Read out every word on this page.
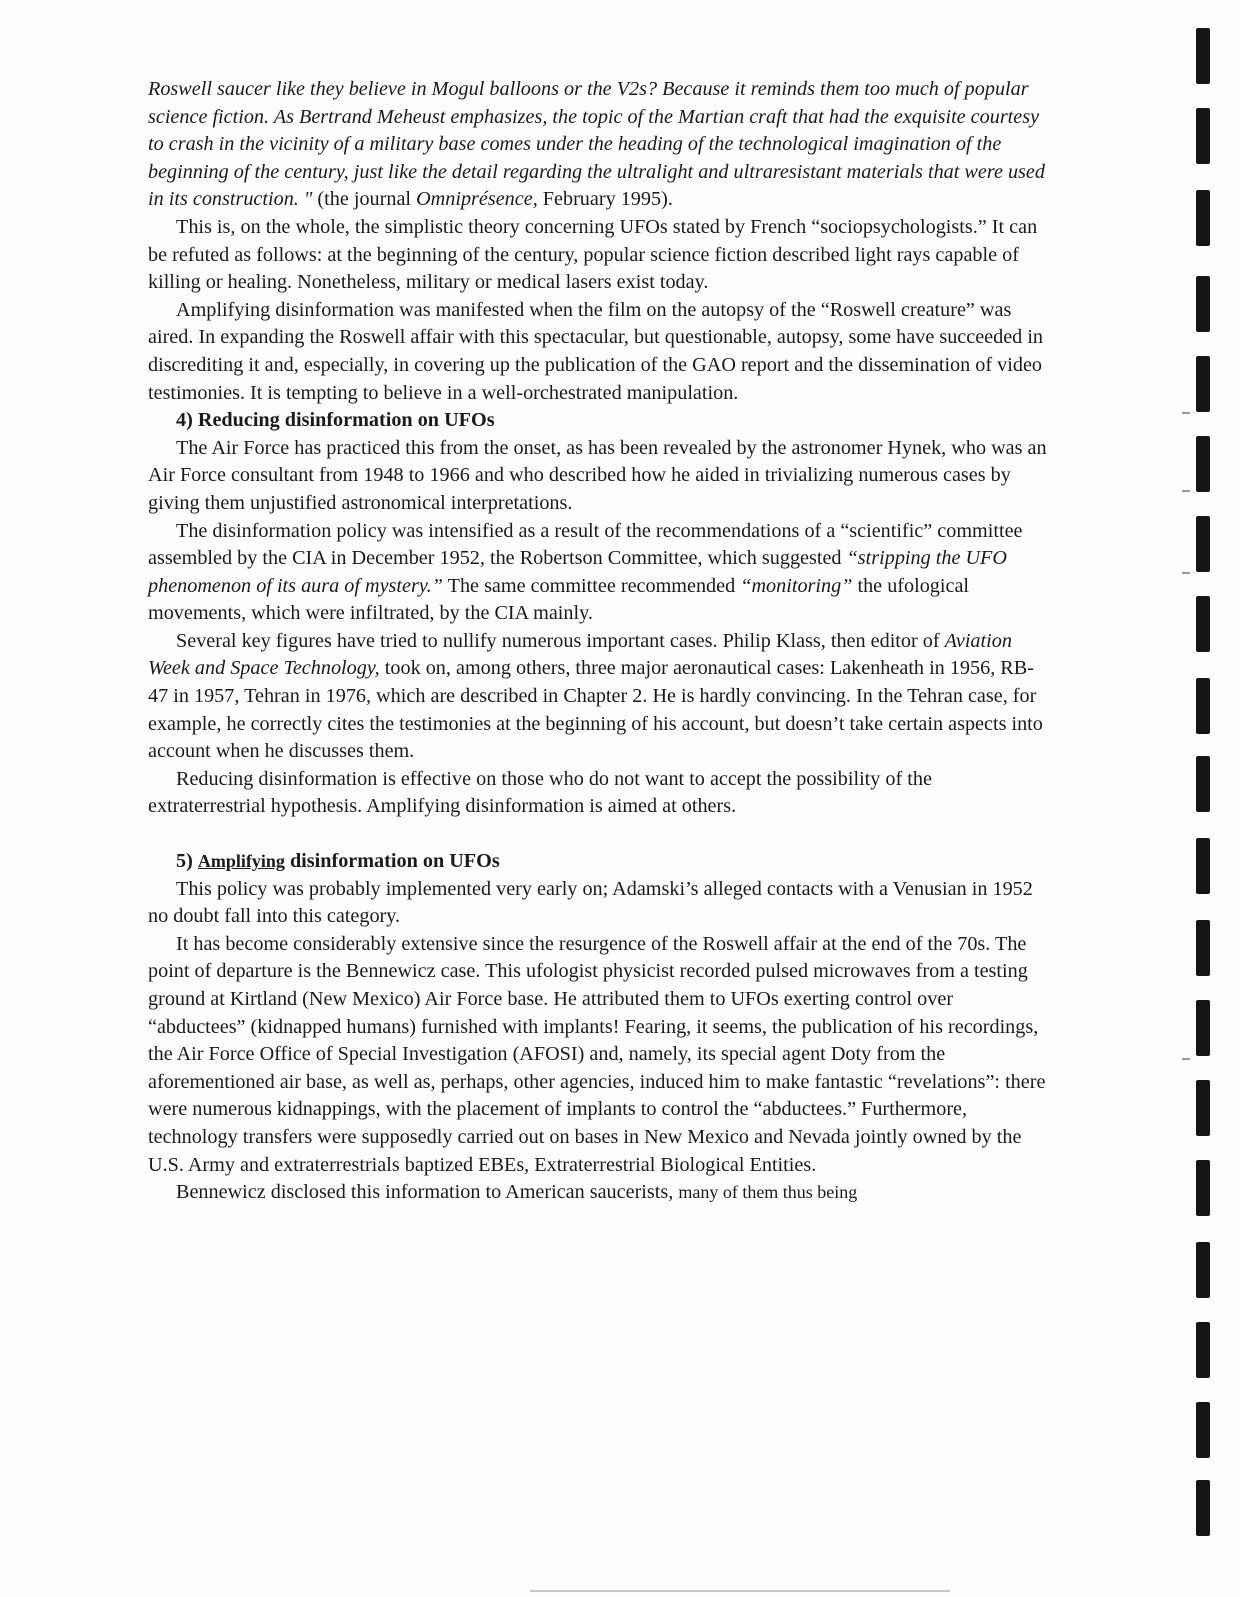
Roswell saucer like they believe in Mogul balloons or the V2s? Because it reminds them too much of popular science fiction. As Bertrand Meheust emphasizes, the topic of the Martian craft that had the exquisite courtesy to crash in the vicinity of a military base comes under the heading of the technological imagination of the beginning of the century, just like the detail regarding the ultralight and ultraresistant materials that were used in its construction. " (the journal Omniprésence, February 1995).

This is, on the whole, the simplistic theory concerning UFOs stated by French “sociopsychologists.” It can be refuted as follows: at the beginning of the century, popular science fiction described light rays capable of killing or healing. Nonetheless, military or medical lasers exist today.

Amplifying disinformation was manifested when the film on the autopsy of the “Roswell creature” was aired. In expanding the Roswell affair with this spectacular, but questionable, autopsy, some have succeeded in discrediting it and, especially, in covering up the publication of the GAO report and the dissemination of video testimonies. It is tempting to believe in a well-orchestrated manipulation.

4) Reducing disinformation on UFOs

The Air Force has practiced this from the onset, as has been revealed by the astronomer Hynek, who was an Air Force consultant from 1948 to 1966 and who described how he aided in trivializing numerous cases by giving them unjustified astronomical interpretations.

The disinformation policy was intensified as a result of the recommendations of a “scientific” committee assembled by the CIA in December 1952, the Robertson Committee, which suggested “stripping the UFO phenomenon of its aura of mystery.” The same committee recommended “monitoring” the ufological movements, which were infiltrated, by the CIA mainly.

Several key figures have tried to nullify numerous important cases. Philip Klass, then editor of Aviation Week and Space Technology, took on, among others, three major aeronautical cases: Lakenheath in 1956, RB-47 in 1957, Tehran in 1976, which are described in Chapter 2. He is hardly convincing. In the Tehran case, for example, he correctly cites the testimonies at the beginning of his account, but doesn’t take certain aspects into account when he discusses them.

Reducing disinformation is effective on those who do not want to accept the possibility of the extraterrestrial hypothesis. Amplifying disinformation is aimed at others.

5) Amplifying disinformation on UFOs

This policy was probably implemented very early on; Adamski’s alleged contacts with a Venusian in 1952 no doubt fall into this category.

It has become considerably extensive since the resurgence of the Roswell affair at the end of the 70s. The point of departure is the Bennewicz case. This ufologist physicist recorded pulsed microwaves from a testing ground at Kirtland (New Mexico) Air Force base. He attributed them to UFOs exerting control over “abductees” (kidnapped humans) furnished with implants! Fearing, it seems, the publication of his recordings, the Air Force Office of Special Investigation (AFOSI) and, namely, its special agent Doty from the aforementioned air base, as well as, perhaps, other agencies, induced him to make fantastic “revelations”: there were numerous kidnappings, with the placement of implants to control the “abductees.” Furthermore, technology transfers were supposedly carried out on bases in New Mexico and Nevada jointly owned by the U.S. Army and extraterrestrials baptized EBEs, Extraterrestrial Biological Entities.

Bennewicz disclosed this information to American saucerists, many of them thus being
